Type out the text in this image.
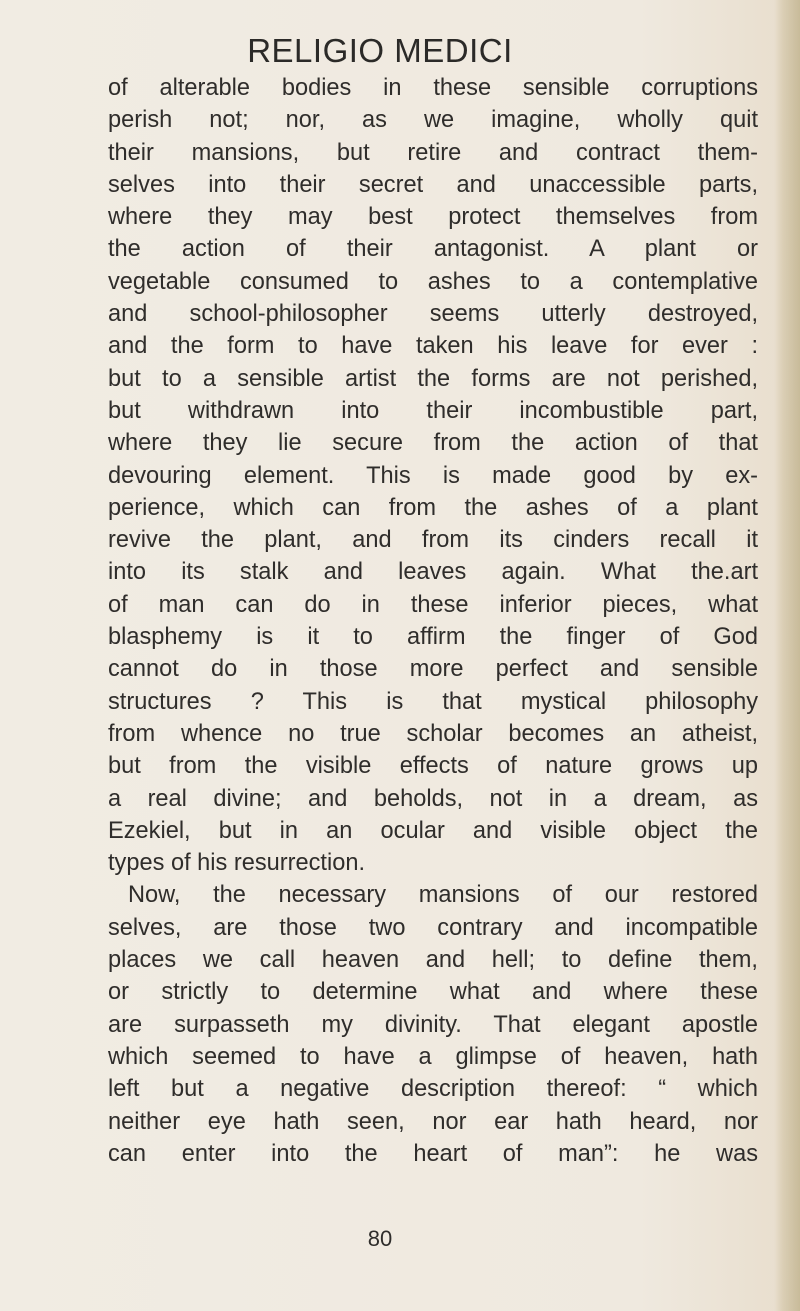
RELIGIO MEDICI
of alterable bodies in these sensible corruptions
perish not; nor, as we imagine, wholly quit
their mansions, but retire and contract them-
selves into their secret and unaccessible parts,
where they may best protect themselves from
the action of their antagonist. A plant or
vegetable consumed to ashes to a contemplative
and school-philosopher seems utterly destroyed,
and the form to have taken his leave for ever :
but to a sensible artist the forms are not perished,
but withdrawn into their incombustible part,
where they lie secure from the action of that
devouring element. This is made good by ex-
perience, which can from the ashes of a plant
revive the plant, and from its cinders recall it
into its stalk and leaves again. What the.art
of man can do in these inferior pieces, what
blasphemy is it to affirm the finger of God
cannot do in those more perfect and sensible
structures ? This is that mystical philosophy
from whence no true scholar becomes an atheist,
but from the visible effects of nature grows up
a real divine; and beholds, not in a dream, as
Ezekiel, but in an ocular and visible object the
types of his resurrection.
Now, the necessary mansions of our restored
selves, are those two contrary and incompatible
places we call heaven and hell; to define them,
or strictly to determine what and where these
are surpasseth my divinity. That elegant apostle
which seemed to have a glimpse of heaven, hath
left but a negative description thereof: “ which
neither eye hath seen, nor ear hath heard, nor
can enter into the heart of man”: he was
80
